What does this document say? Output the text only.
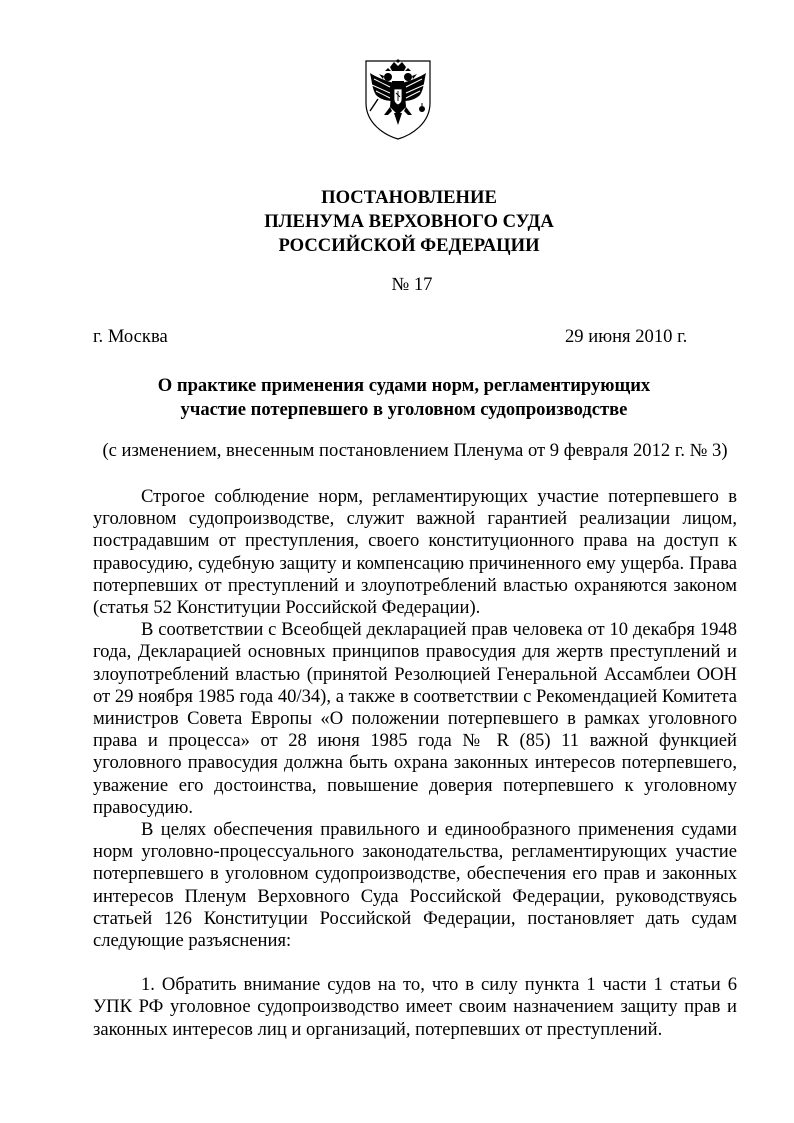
ПОСТАНОВЛЕНИЕ
ПЛЕНУМА ВЕРХОВНОГО СУДА
РОССИЙСКОЙ ФЕДЕРАЦИИ
№ 17
г. Москва	29 июня 2010 г.
О практике применения судами норм, регламентирующих
участие потерпевшего в уголовном судопроизводстве
(с изменением, внесенным постановлением Пленума от 9 февраля 2012 г. № 3)

Строгое соблюдение норм, регламентирующих участие потерпевшего в уголовном судопроизводстве, служит важной гарантией реализации лицом, пострадавшим от преступления, своего конституционного права на доступ к правосудию, судебную защиту и компенсацию причиненного ему ущерба. Права потерпевших от преступлений и злоупотреблений властью охраняются законом (статья 52 Конституции Российской Федерации).

В соответствии с Всеобщей декларацией прав человека от 10 декабря 1948 года, Декларацией основных принципов правосудия для жертв преступлений и злоупотреблений властью (принятой Резолюцией Генеральной Ассамблеи ООН от 29 ноября 1985 года 40/34), а также в соответствии с Рекомендацией Комитета министров Совета Европы «О положении потерпевшего в рамках уголовного права и процесса» от 28 июня 1985 года № R (85) 11 важной функцией уголовного правосудия должна быть охрана законных интересов потерпевшего, уважение его достоинства, повышение доверия потерпевшего к уголовному правосудию.

В целях обеспечения правильного и единообразного применения судами норм уголовно-процессуального законодательства, регламентирующих участие потерпевшего в уголовном судопроизводстве, обеспечения его прав и законных интересов Пленум Верховного Суда Российской Федерации, руководствуясь статьей 126 Конституции Российской Федерации, постановляет дать судам следующие разъяснения:

1. Обратить внимание судов на то, что в силу пункта 1 части 1 статьи 6 УПК РФ уголовное судопроизводство имеет своим назначением защиту прав и законных интересов лиц и организаций, потерпевших от преступлений.
